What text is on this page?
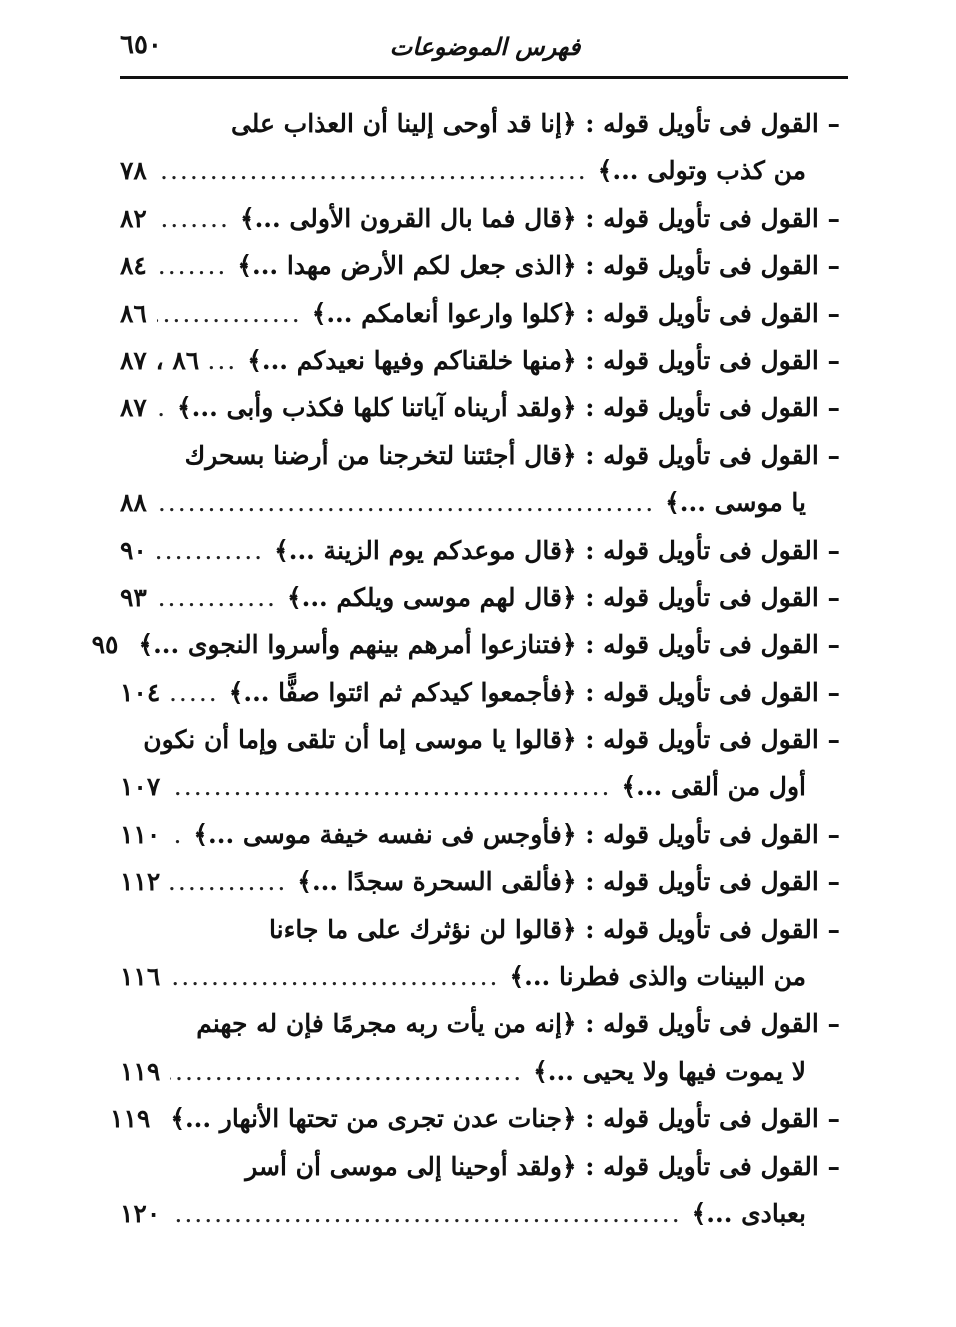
٦٥٠	فهرس الموضوعات
– القول فى تأويل قوله : ﴿إنا قد أوحى إلينا أن العذاب على
من كذب وتولى ...﴾
.....
٧٨
– القول فى تأويل قوله : ﴿قال فما بال القرون الأولى ...﴾
.....
٨٢
– القول فى تأويل قوله : ﴿الذى جعل لكم الأرض مهدا ...﴾
.....
٨٤
– القول فى تأويل قوله : ﴿كلوا وارعوا أنعامكم ...﴾
.....
٨٦
– القول فى تأويل قوله : ﴿منها خلقناكم وفيها نعيدكم ...﴾
.....
٨٦ ، ٨٧
– القول فى تأويل قوله : ﴿ولقد أريناه آياتنا كلها فكذب وأبى ...﴾
.....
٨٧
– القول فى تأويل قوله : ﴿قال أجئتنا لتخرجنا من أرضنا بسحرك
يا موسى ...﴾
.....
٨٨
– القول فى تأويل قوله : ﴿قال موعدكم يوم الزينة ...﴾
.....
٩٠
– القول فى تأويل قوله : ﴿قال لهم موسى ويلكم ...﴾
.....
٩٣
– القول فى تأويل قوله : ﴿فتنازعوا أمرهم بينهم وأسروا النجوى ...﴾
٩٥
– القول فى تأويل قوله : ﴿فأجمعوا كيدكم ثم ائتوا صفًّا ...﴾
.....
١٠٤
– القول فى تأويل قوله : ﴿قالوا يا موسى إما أن تلقى وإما أن نكون
أول من ألقى ...﴾
.....
١٠٧
– القول فى تأويل قوله : ﴿فأوجس فى نفسه خيفة موسى ...﴾
.....
١١٠
– القول فى تأويل قوله : ﴿فألقى السحرة سجدًا ...﴾
.....
١١٢
– القول فى تأويل قوله : ﴿قالوا لن نؤثرك على ما جاءنا
من البينات والذى فطرنا ...﴾
.....
١١٦
– القول فى تأويل قوله : ﴿إنه من يأت ربه مجرمًا فإن له جهنم
لا يموت فيها ولا يحيى ...﴾
.....
١١٩
– القول فى تأويل قوله : ﴿جنات عدن تجرى من تحتها الأنهار ...﴾
١١٩
– القول فى تأويل قوله : ﴿ولقد أوحينا إلى موسى أن أسر
بعبادى ...﴾
.....
١٢٠
